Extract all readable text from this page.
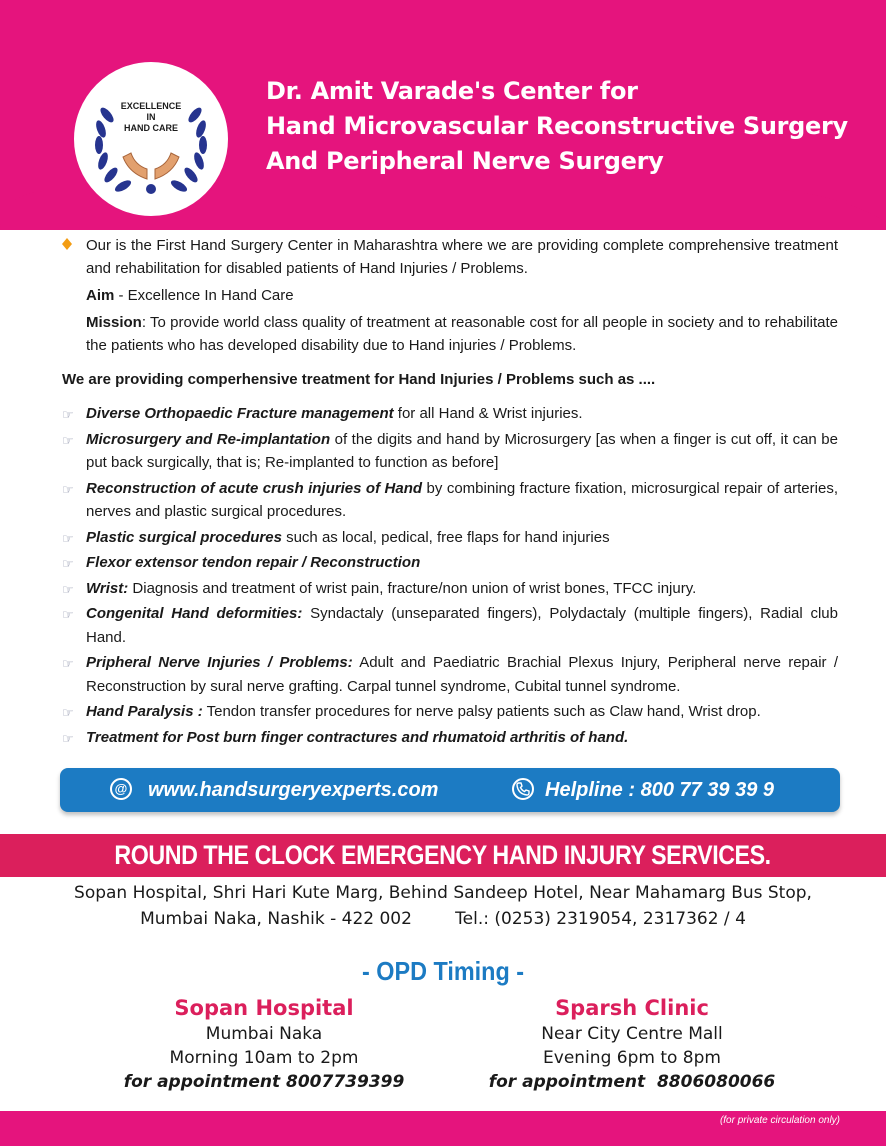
EXCELLENCE
IN
HAND CARE
Dr. Amit Varade's Center for
Hand Microvascular Reconstructive Surgery
And Peripheral Nerve Surgery

Our is the First Hand Surgery Center in Maharashtra where we are providing complete comprehensive treatment and rehabilitation for disabled patients of Hand Injuries / Problems.

Aim - Excellence In Hand Care

Mission: To provide world class quality of treatment at reasonable cost for all people in society and to rehabilitate the patients who has developed disability due to Hand injuries / Problems.

We are providing comperhensive treatment for Hand Injuries / Problems such as ....
☞ Diverse Orthopaedic Fracture management for all Hand & Wrist injuries.
☞ Microsurgery and Re-implantation of the digits and hand by Microsurgery [as when a finger is cut off, it can be put back surgically, that is; Re-implanted to function as before]
☞ Reconstruction of acute crush injuries of Hand by combining fracture fixation, microsurgical repair of arteries, nerves and plastic surgical procedures.
☞ Plastic surgical procedures such as local, pedical, free flaps for hand injuries
☞ Flexor extensor tendon repair / Reconstruction
☞ Wrist: Diagnosis and treatment of wrist pain, fracture/non union of wrist bones, TFCC injury.
☞ Congenital Hand deformities: Syndactaly (unseparated fingers), Polydactaly (multiple fingers), Radial club Hand.
☞ Pripheral Nerve Injuries / Problems: Adult and Paediatric Brachial Plexus Injury, Peripheral nerve repair / Reconstruction by sural nerve grafting. Carpal tunnel syndrome, Cubital tunnel syndrome.
☞ Hand Paralysis : Tendon transfer procedures for nerve palsy patients such as Claw hand, Wrist drop.
☞ Treatment for Post burn finger contractures and rhumatoid arthritis of hand.
@ www.handsurgeryexperts.com	Helpline : 800 77 39 39 9
ROUND THE CLOCK EMERGENCY HAND INJURY SERVICES.
Sopan Hospital, Shri Hari Kute Marg, Behind Sandeep Hotel, Near Mahamarg Bus Stop,
Mumbai Naka, Nashik - 422 002        Tel.: (0253) 2319054, 2317362 / 4
- OPD Timing -
Sopan Hospital
Mumbai Naka
Morning 10am to 2pm
for appointment 8007739399
Sparsh Clinic
Near City Centre Mall
Evening 6pm to 8pm
for appointment  8806080066
(for private circulation only)
